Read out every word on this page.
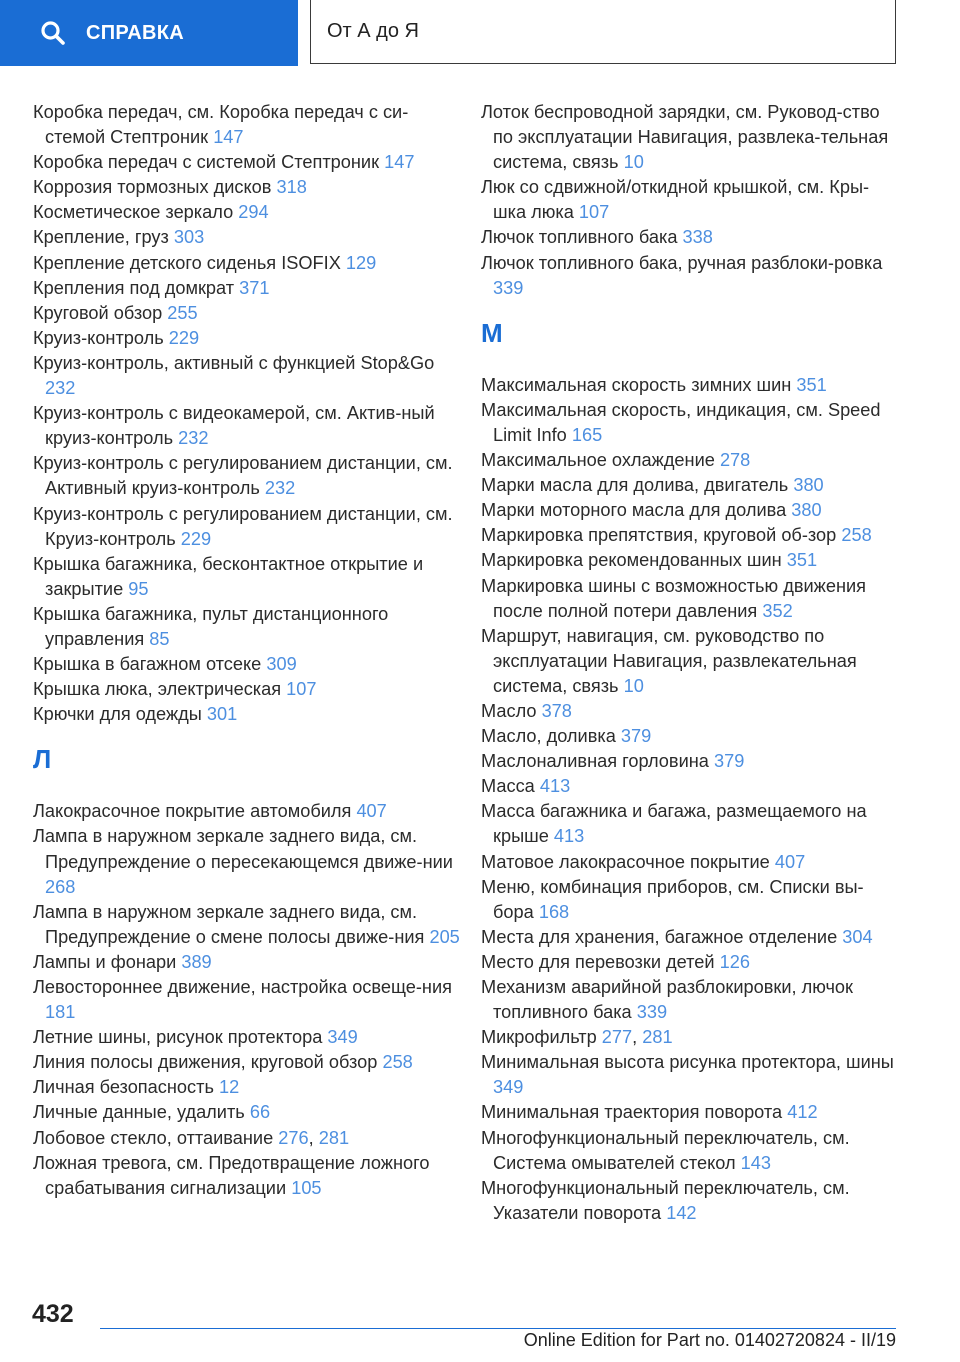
СПРАВКА	От А до Я
Коробка передач, см. Коробка передач с си-стемой Стептроник 147
Коробка передач с системой Стептроник 147
Коррозия тормозных дисков 318
Косметическое зеркало 294
Крепление, груз 303
Крепление детского сиденья ISOFIX 129
Крепления под домкрат 371
Круговой обзор 255
Круиз-контроль 229
Круиз-контроль, активный с функцией Stop&Go 232
Круиз-контроль с видеокамерой, см. Актив-ный круиз-контроль 232
Круиз-контроль с регулированием дистанции, см. Активный круиз-контроль 232
Круиз-контроль с регулированием дистанции, см. Круиз-контроль 229
Крышка багажника, бесконтактное открытие и закрытие 95
Крышка багажника, пульт дистанционного управления 85
Крышка в багажном отсеке 309
Крышка люка, электрическая 107
Крючки для одежды 301
Л
Лакокрасочное покрытие автомобиля 407
Лампа в наружном зеркале заднего вида, см. Предупреждение о пересекающемся движе-нии 268
Лампа в наружном зеркале заднего вида, см. Предупреждение о смене полосы движе-ния 205
Лампы и фонари 389
Левостороннее движение, настройка освеще-ния 181
Летние шины, рисунок протектора 349
Линия полосы движения, круговой обзор 258
Личная безопасность 12
Личные данные, удалить 66
Лобовое стекло, оттаивание 276, 281
Ложная тревога, см. Предотвращение ложного срабатывания сигнализации 105
Лоток беспроводной зарядки, см. Руковод-ство по эксплуатации Навигация, развлека-тельная система, связь 10
Люк со сдвижной/откидной крышкой, см. Кры-шка люка 107
Лючок топливного бака 338
Лючок топливного бака, ручная разблоки-ровка 339
М
Максимальная скорость зимних шин 351
Максимальная скорость, индикация, см. Speed Limit Info 165
Максимальное охлаждение 278
Марки масла для долива, двигатель 380
Марки моторного масла для долива 380
Маркировка препятствия, круговой об-зор 258
Маркировка рекомендованных шин 351
Маркировка шины с возможностью движения после полной потери давления 352
Маршрут, навигация, см. руководство по эксплуатации Навигация, развлекательная система, связь 10
Масло 378
Масло, доливка 379
Маслоналивная горловина 379
Масса 413
Масса багажника и багажа, размещаемого на крыше 413
Матовое лакокрасочное покрытие 407
Меню, комбинация приборов, см. Списки вы-бора 168
Места для хранения, багажное отделение 304
Место для перевозки детей 126
Механизм аварийной разблокировки, лючок топливного бака 339
Микрофильтр 277, 281
Минимальная высота рисунка протектора, шины 349
Минимальная траектория поворота 412
Многофункциональный переключатель, см. Система омывателей стекол 143
Многофункциональный переключатель, см. Указатели поворота 142
432
Online Edition for Part no. 01402720824 - II/19
